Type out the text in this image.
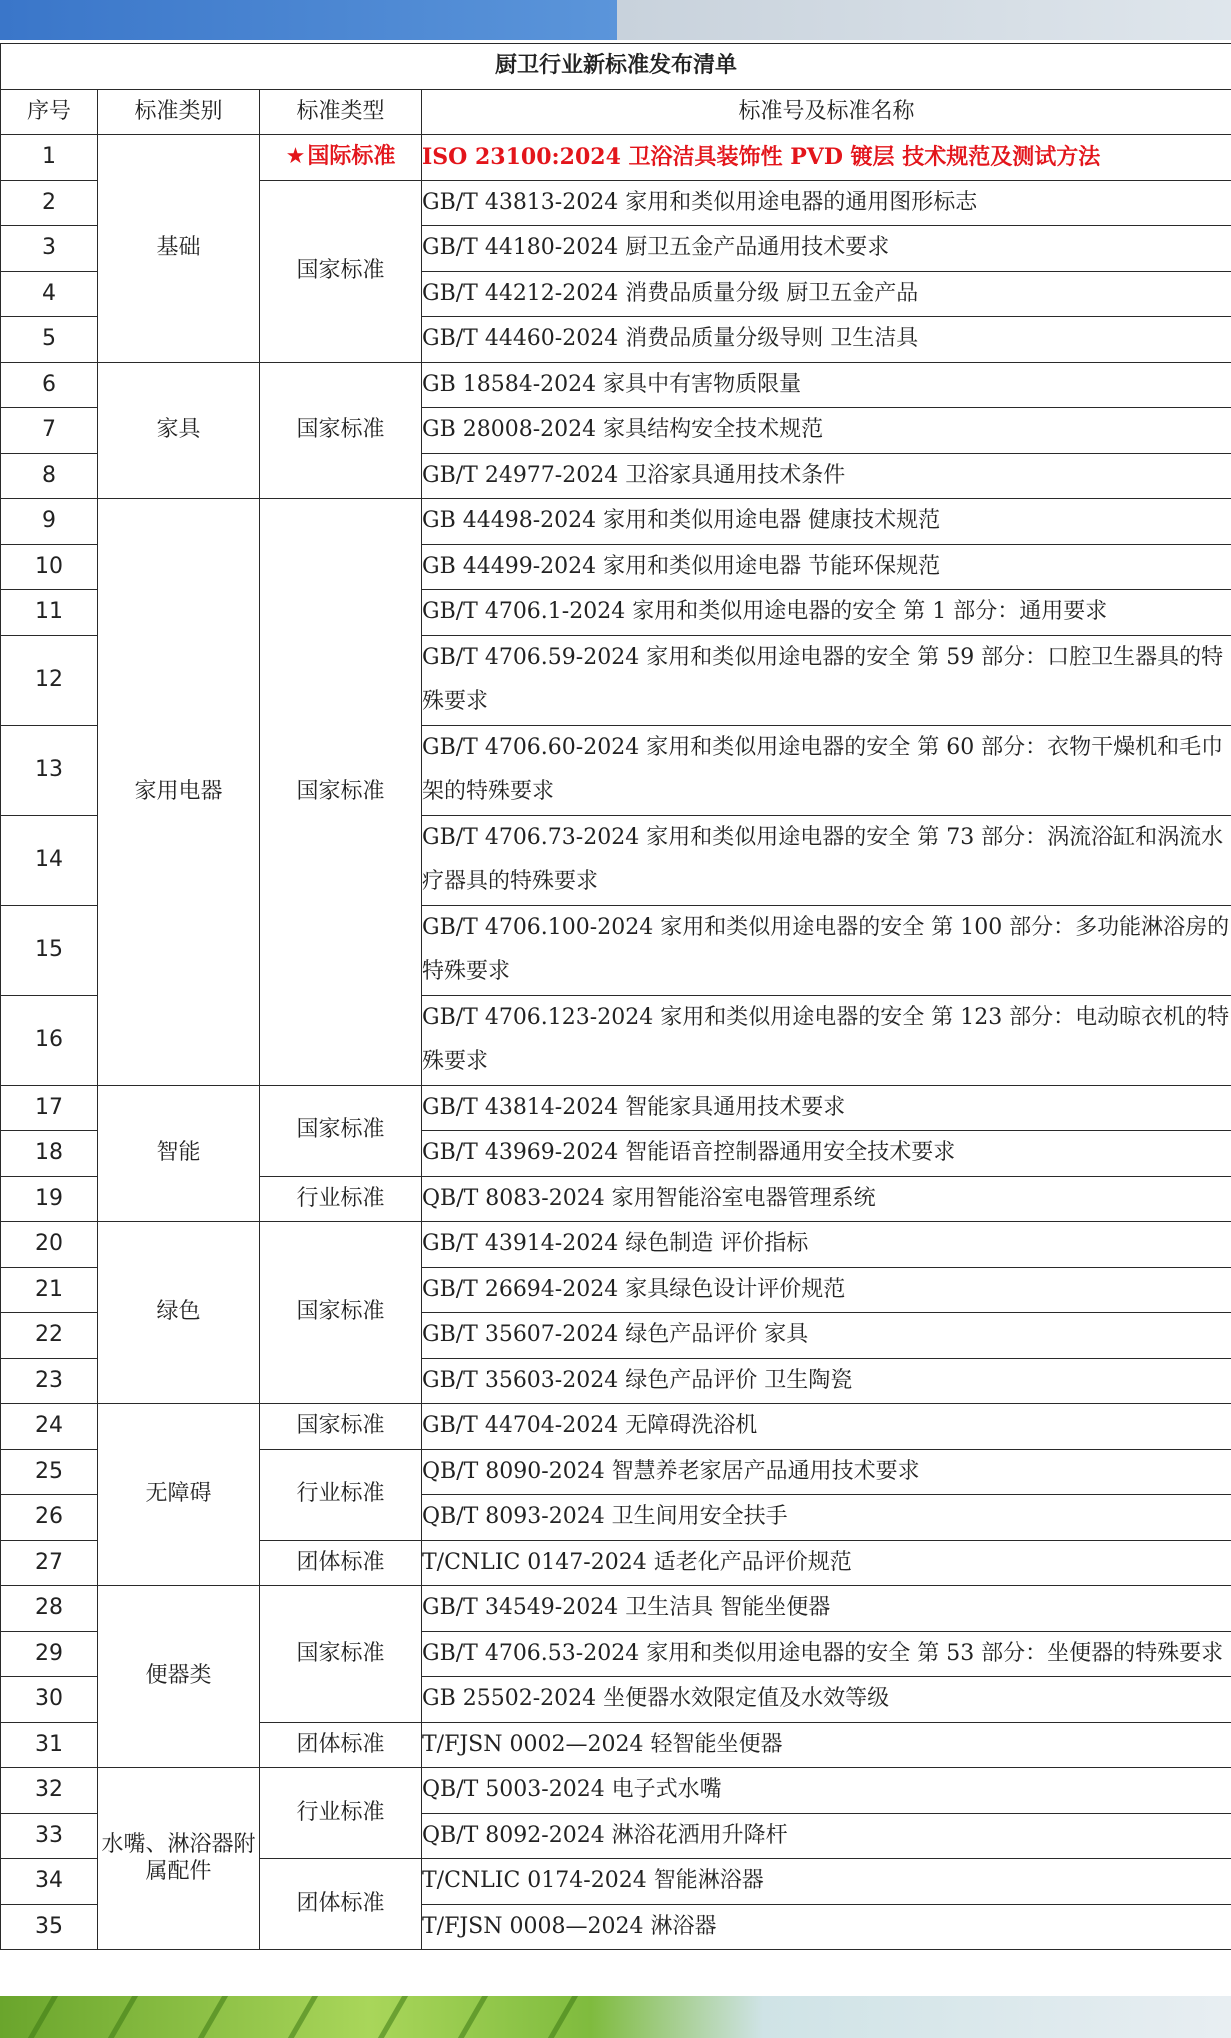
厨卫行业新标准发布清单			
序号	标准类别	标准类型	标准号及标准名称
1	基础	★国际标准	ISO 23100:2024 卫浴洁具装饰性 PVD 镀层 技术规范及测试方法
2		国家标准	GB/T 43813-2024 家用和类似用途电器的通用图形标志
3			GB/T 44180-2024 厨卫五金产品通用技术要求
4			GB/T 44212-2024 消费品质量分级 厨卫五金产品
5			GB/T 44460-2024 消费品质量分级导则 卫生洁具
6	家具	国家标准	GB 18584-2024 家具中有害物质限量
7			GB 28008-2024 家具结构安全技术规范
8			GB/T 24977-2024 卫浴家具通用技术条件
9	家用电器	国家标准	GB 44498-2024 家用和类似用途电器 健康技术规范
10			GB 44499-2024 家用和类似用途电器 节能环保规范
11			GB/T 4706.1-2024 家用和类似用途电器的安全 第 1 部分：通用要求
12			GB/T 4706.59-2024 家用和类似用途电器的安全 第 59 部分：口腔卫生器具的特殊要求
13			GB/T 4706.60-2024 家用和类似用途电器的安全 第 60 部分：衣物干燥机和毛巾架的特殊要求
14			GB/T 4706.73-2024 家用和类似用途电器的安全 第 73 部分：涡流浴缸和涡流水疗器具的特殊要求
15			GB/T 4706.100-2024 家用和类似用途电器的安全 第 100 部分：多功能淋浴房的特殊要求
16			GB/T 4706.123-2024 家用和类似用途电器的安全 第 123 部分：电动晾衣机的特殊要求
17	智能	国家标准	GB/T 43814-2024 智能家具通用技术要求
18			GB/T 43969-2024 智能语音控制器通用安全技术要求
19		行业标准	QB/T 8083-2024 家用智能浴室电器管理系统
20	绿色	国家标准	GB/T 43914-2024 绿色制造 评价指标
21			GB/T 26694-2024 家具绿色设计评价规范
22			GB/T 35607-2024 绿色产品评价 家具
23			GB/T 35603-2024 绿色产品评价 卫生陶瓷
24	无障碍	国家标准	GB/T 44704-2024 无障碍洗浴机
25		行业标准	QB/T 8090-2024 智慧养老家居产品通用技术要求
26			QB/T 8093-2024 卫生间用安全扶手
27		团体标准	T/CNLIC 0147-2024 适老化产品评价规范
28	便器类	国家标准	GB/T 34549-2024 卫生洁具 智能坐便器
29			GB/T 4706.53-2024 家用和类似用途电器的安全 第 53 部分：坐便器的特殊要求
30			GB 25502-2024 坐便器水效限定值及水效等级
31		团体标准	T/FJSN 0002—2024 轻智能坐便器
32	水嘴、淋浴器附属配件	行业标准	QB/T 5003-2024 电子式水嘴
33			QB/T 8092-2024 淋浴花洒用升降杆
34		团体标准	T/CNLIC 0174-2024 智能淋浴器
35			T/FJSN 0008—2024 淋浴器
